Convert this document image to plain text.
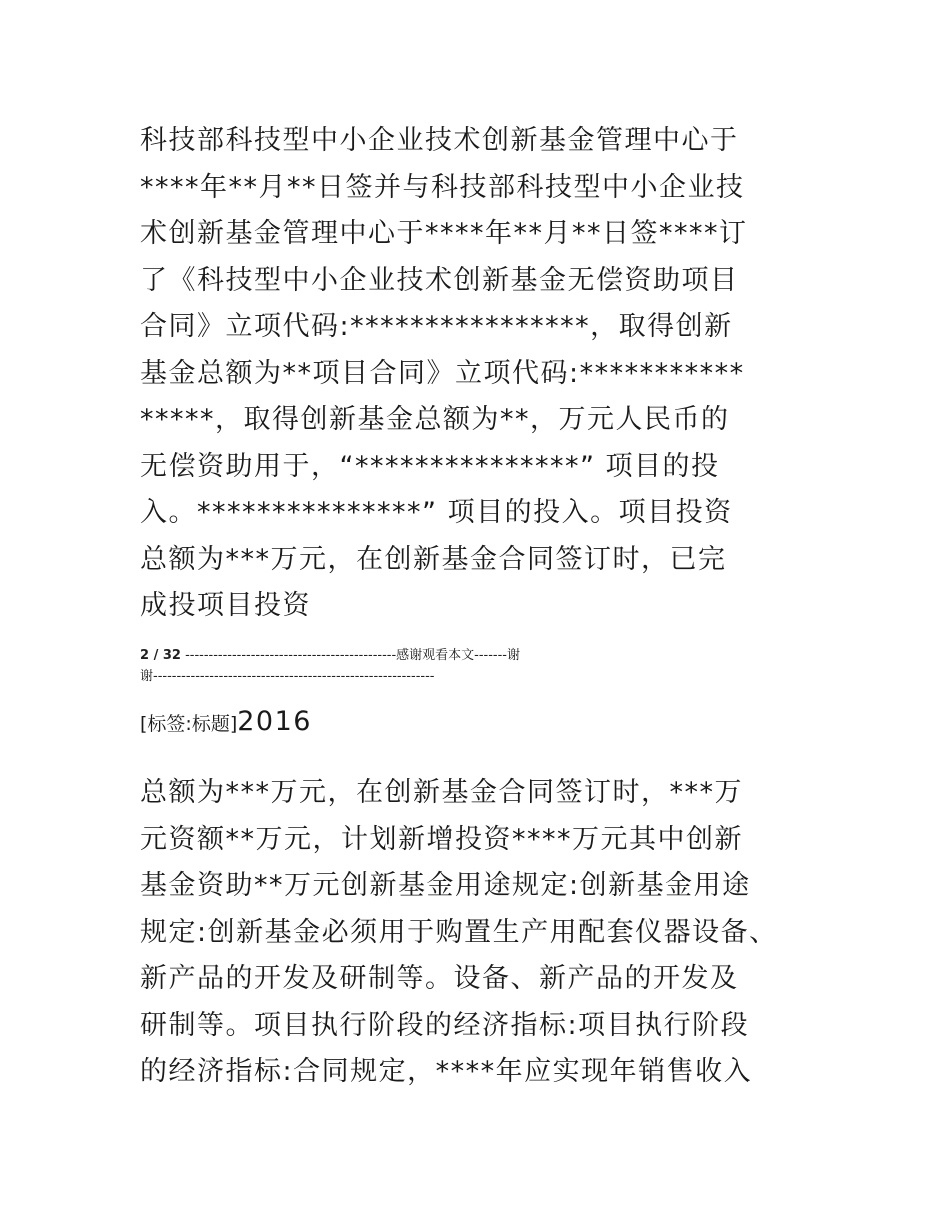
科技部科技型中小企业技术创新基金管理中心于
****年**月**日签并与科技部科技型中小企业技
术创新基金管理中心于****年**月**日签****订
了《科技型中小企业技术创新基金无偿资助项目
合同》立项代码:****************，取得创新
基金总额为**项目合同》立项代码:***********
*****，取得创新基金总额为**，万元人民币的
无偿资助用于，“***************” 项目的投
入。***************” 项目的投入。项目投资
总额为***万元，在创新基金合同签订时，已完
成投项目投资
2 / 32 ---------------------------------------------感谢观看本文-------谢
谢------------------------------------------------------------
[标签:标题]2016
总额为***万元，在创新基金合同签订时，***万
元资额**万元，计划新增投资****万元其中创新
基金资助**万元创新基金用途规定:创新基金用途
规定:创新基金必须用于购置生产用配套仪器设备、
新产品的开发及研制等。设备、新产品的开发及
研制等。项目执行阶段的经济指标:项目执行阶段
的经济指标:合同规定，****年应实现年销售收入
